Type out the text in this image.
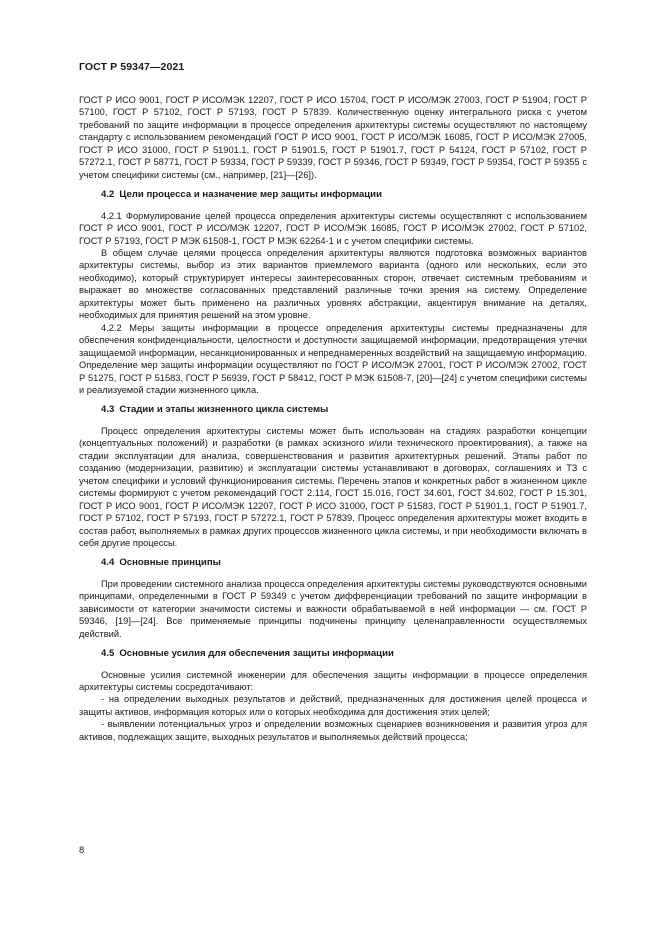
ГОСТ Р 59347—2021

ГОСТ Р ИСО 9001, ГОСТ Р ИСО/МЭК 12207, ГОСТ Р ИСО 15704, ГОСТ Р ИСО/МЭК 27003, ГОСТ Р 51904, ГОСТ Р 57100, ГОСТ Р 57102, ГОСТ Р 57193, ГОСТ Р 57839. Количественную оценку интегрального риска с учетом требований по защите информации в процессе определения архитектуры системы осуществляют по настоящему стандарту с использованием рекомендаций ГОСТ Р ИСО 9001, ГОСТ Р ИСО/МЭК 16085, ГОСТ Р ИСО/МЭК 27005, ГОСТ Р ИСО 31000, ГОСТ Р 51901.1, ГОСТ Р 51901.5, ГОСТ Р 51901.7, ГОСТ Р 54124, ГОСТ Р 57102, ГОСТ Р 57272.1, ГОСТ Р 58771, ГОСТ Р 59334, ГОСТ Р 59339, ГОСТ Р 59346, ГОСТ Р 59349, ГОСТ Р 59354, ГОСТ Р 59355 с учетом специфики системы (см., например, [21]—[26]).

4.2 Цели процесса и назначение мер защиты информации

4.2.1 Формулирование целей процесса определения архитектуры системы осуществляют с использованием ГОСТ Р ИСО 9001, ГОСТ Р ИСО/МЭК 12207, ГОСТ Р ИСО/МЭК 16085, ГОСТ Р ИСО/МЭК 27002, ГОСТ Р 57102, ГОСТ Р 57193, ГОСТ Р МЭК 61508-1, ГОСТ Р МЭК 62264-1 и с учетом специфики системы.

В общем случае целями процесса определения архитектуры являются подготовка возможных вариантов архитектуры системы, выбор из этих вариантов приемлемого варианта (одного или нескольких, если это необходимо), который структурирует интересы заинтересованных сторон, отвечает системным требованиям и выражает во множестве согласованных представлений различные точки зрения на систему. Определение архитектуры может быть применено на различных уровнях абстракции, акцентируя внимание на деталях, необходимых для принятия решений на этом уровне.

4.2.2 Меры защиты информации в процессе определения архитектуры системы предназначены для обеспечения конфиденциальности, целостности и доступности защищаемой информации, предотвращения утечки защищаемой информации, несанкционированных и непреднамеренных воздействий на защищаемую информацию. Определение мер защиты информации осуществляют по ГОСТ Р ИСО/МЭК 27001, ГОСТ Р ИСО/МЭК 27002, ГОСТ Р 51275, ГОСТ Р 51583, ГОСТ Р 56939, ГОСТ Р 58412, ГОСТ Р МЭК 61508-7, [20]—[24] с учетом специфики системы и реализуемой стадии жизненного цикла.

4.3 Стадии и этапы жизненного цикла системы

Процесс определения архитектуры системы может быть использован на стадиях разработки концепции (концептуальных положений) и разработки (в рамках эскизного и/или технического проектирования), а также на стадии эксплуатации для анализа, совершенствования и развития архитектурных решений. Этапы работ по созданию (модернизации, развитию) и эксплуатации системы устанавливают в договорах, соглашениях и ТЗ с учетом специфики и условий функционирования системы. Перечень этапов и конкретных работ в жизненном цикле системы формируют с учетом рекомендаций ГОСТ 2.114, ГОСТ 15.016, ГОСТ 34.601, ГОСТ 34.602, ГОСТ Р 15.301, ГОСТ Р ИСО 9001, ГОСТ Р ИСО/МЭК 12207, ГОСТ Р ИСО 31000, ГОСТ Р 51583, ГОСТ Р 51901.1, ГОСТ Р 51901.7, ГОСТ Р 57102, ГОСТ Р 57193, ГОСТ Р 57272.1, ГОСТ Р 57839. Процесс определения архитектуры может входить в состав работ, выполняемых в рамках других процессов жизненного цикла системы, и при необходимости включать в себя другие процессы.

4.4 Основные принципы

При проведении системного анализа процесса определения архитектуры системы руководствуются основными принципами, определенными в ГОСТ Р 59349 с учетом дифференциации требований по защите информации в зависимости от категории значимости системы и важности обрабатываемой в ней информации — см. ГОСТ Р 59346, [19]—[24]. Все применяемые принципы подчинены принципу целенаправленности осуществляемых действий.

4.5 Основные усилия для обеспечения защиты информации

Основные усилия системной инженерии для обеспечения защиты информации в процессе определения архитектуры системы сосредотачивают:

- на определении выходных результатов и действий, предназначенных для достижения целей процесса и защиты активов, информация которых или о которых необходима для достижения этих целей;

- выявлении потенциальных угроз и определении возможных сценариев возникновения и развития угроз для активов, подлежащих защите, выходных результатов и выполняемых действий процесса;

8
